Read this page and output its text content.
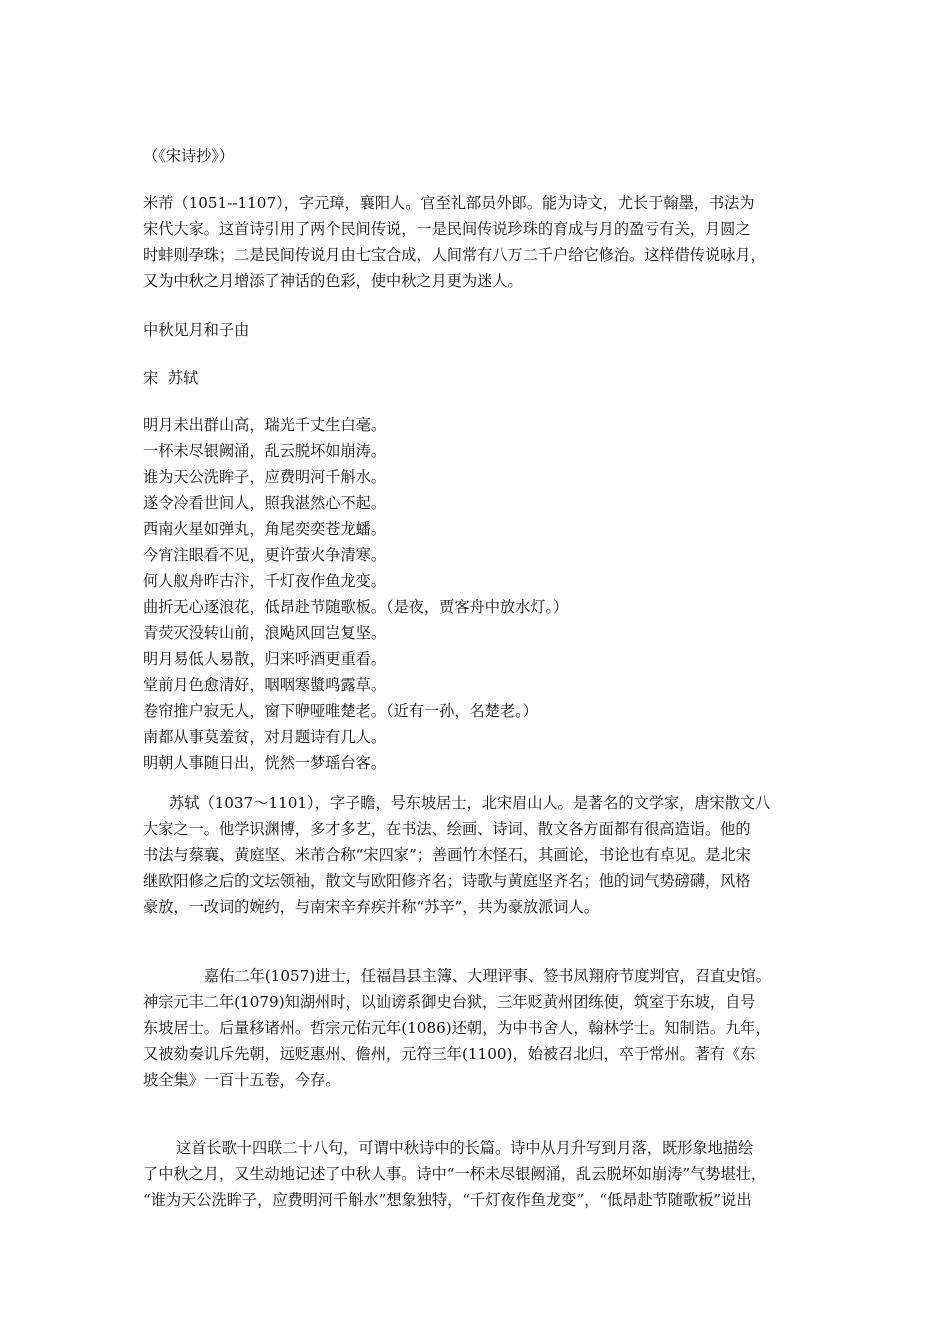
（《宋诗抄》）
米芾（1051--1107），字元璋，襄阳人。官至礼部员外郎。能为诗文，尤长于翰墨，书法为
宋代大家。这首诗引用了两个民间传说，一是民间传说珍珠的育成与月的盈亏有关，月圆之
时蚌则孕珠；二是民间传说月由七宝合成，人间常有八万二千户给它修治。这样借传说咏月，
又为中秋之月增添了神话的色彩，使中秋之月更为迷人。
中秋见月和子由
宋  苏轼
明月未出群山高，瑞光千丈生白毫。
一杯未尽银阙涌，乱云脱坏如崩涛。
谁为天公洗眸子，应费明河千斛水。
遂令冷看世间人，照我湛然心不起。
西南火星如弹丸，角尾奕奕苍龙蟠。
今宵注眼看不见，更许萤火争清寒。
何人舣舟昨古汴，千灯夜作鱼龙变。
曲折无心逐浪花，低昂赴节随歌板。（是夜，贾客舟中放水灯。）
青荧灭没转山前，浪飐风回岂复坚。
明月易低人易散，归来呼酒更重看。
堂前月色愈清好，咽咽寒螿鸣露草。
卷帘推户寂无人，窗下咿哑唯楚老。（近有一孙，名楚老。）
南都从事莫羞贫，对月题诗有几人。
明朝人事随日出，恍然一梦瑶台客。
苏轼（1037～1101），字子瞻，号东坡居士，北宋眉山人。是著名的文学家，唐宋散文八
大家之一。他学识渊博，多才多艺，在书法、绘画、诗词、散文各方面都有很高造诣。他的
书法与蔡襄、黄庭坚、米芾合称“宋四家”；善画竹木怪石，其画论，书论也有卓见。是北宋
继欧阳修之后的文坛领袖，散文与欧阳修齐名；诗歌与黄庭坚齐名；他的词气势磅礴，风格
豪放，一改词的婉约，与南宋辛弃疾并称“苏辛”，共为豪放派词人。
嘉佑二年(1057)进士，任福昌县主簿、大理评事、签书凤翔府节度判官，召直史馆。
神宗元丰二年(1079)知湖州时，以讪谤系御史台狱，三年贬黄州团练使，筑室于东坡，自号
东坡居士。后量移诸州。哲宗元佑元年(1086)还朝，为中书舍人，翰林学士。知制诰。九年，
又被劾奏讥斥先朝，远贬惠州、儋州，元符三年(1100)，始被召北归，卒于常州。著有《东
坡全集》一百十五卷，今存。
这首长歌十四联二十八句，可谓中秋诗中的长篇。诗中从月升写到月落，既形象地描绘
了中秋之月，又生动地记述了中秋人事。诗中“一杯未尽银阙涌，乱云脱坏如崩涛”气势堪壮，
“谁为天公洗眸子，应费明河千斛水”想象独特，“千灯夜作鱼龙变”，“低昂赴节随歌板”说出
